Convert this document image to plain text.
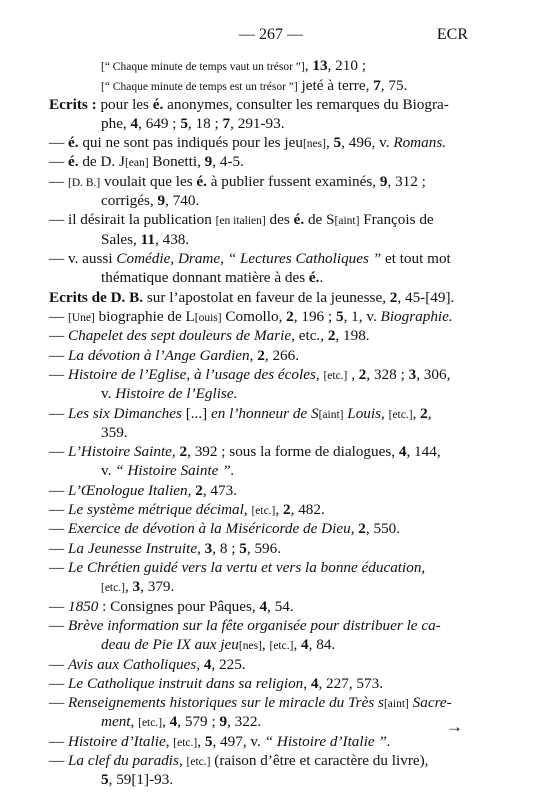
— 267 —	ECR
[“ Chaque minute de temps vaut un trésor ”], 13, 210 ;
[“ Chaque minute de temps est un trésor ”] jeté à terre, 7, 75.
Ecrits : pour les é. anonymes, consulter les remarques du Biogra-
phe, 4, 649 ; 5, 18 ; 7, 291-93.
— é. qui ne sont pas indiqués pour les jeu[nes], 5, 496, v. Romans.
— é. de D. J[ean] Bonetti, 9, 4-5.
— [D. B.] voulait que les é. à publier fussent examinés, 9, 312 ;
corrigés, 9, 740.
— il désirait la publication [en italien] des é. de S[aint] François de
Sales, 11, 438.
— v. aussi Comédie, Drame, “ Lectures Catholiques ” et tout mot
thématique donnant matière à des é..
Ecrits de D. B. sur l’apostolat en faveur de la jeunesse, 2, 45-[49].
— [Une] biographie de L[ouis] Comollo, 2, 196 ; 5, 1, v. Biographie.
— Chapelet des sept douleurs de Marie, etc., 2, 198.
— La dévotion à l’Ange Gardien, 2, 266.
— Histoire de l’Eglise, à l’usage des écoles, [etc.] , 2, 328 ; 3, 306,
v. Histoire de l’Eglise.
— Les six Dimanches [...] en l’honneur de S[aint] Louis, [etc.], 2,
359.
— L’Histoire Sainte, 2, 392 ; sous la forme de dialogues, 4, 144,
v. “ Histoire Sainte ”.
— L’Œnologue Italien, 2, 473.
— Le système métrique décimal, [etc.], 2, 482.
— Exercice de dévotion à la Miséricorde de Dieu, 2, 550.
— La Jeunesse Instruite, 3, 8 ; 5, 596.
— Le Chrétien guidé vers la vertu et vers la bonne éducation,
[etc.], 3, 379.
— 1850 : Consignes pour Pâques, 4, 54.
— Brève information sur la fête organisée pour distribuer le ca-
deau de Pie IX aux jeu[nes], [etc.], 4, 84.
— Avis aux Catholiques, 4, 225.
— Le Catholique instruit dans sa religion, 4, 227, 573.
— Renseignements historiques sur le miracle du Très s[aint] Sacre-
ment, [etc.], 4, 579 ; 9, 322.
— Histoire d’Italie, [etc.], 5, 497, v. “ Histoire d’Italie ”.
— La clef du paradis, [etc.] (raison d’être et caractère du livre),
5, 59[1]-93.
→
